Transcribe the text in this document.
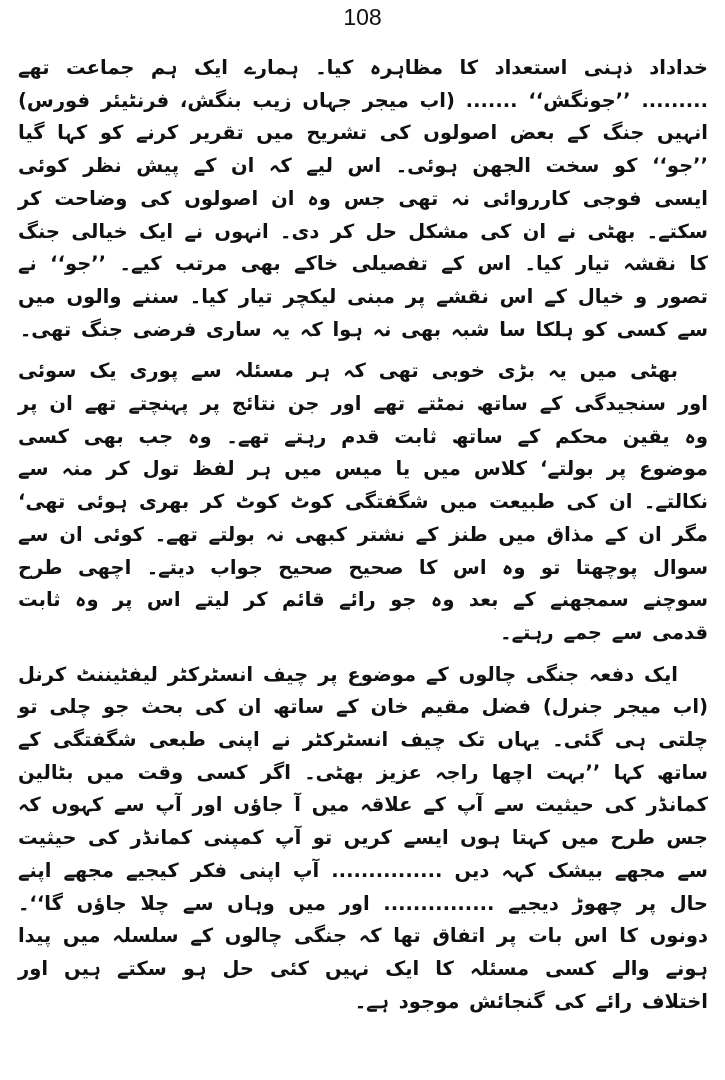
108

خداداد ذہنی استعداد کا مظاہرہ کیا۔ ہمارے ایک ہم جماعت تھے ......... ’’جونگش‘‘ ....... (اب میجر جہاں زیب بنگش، فرنٹیئر فورس) انہیں جنگ کے بعض اصولوں کی تشریح میں تقریر کرنے کو کہا گیا ’’جو‘‘ کو سخت الجھن ہوئی۔ اس لیے کہ ان کے پیش نظر کوئی ایسی فوجی کارروائی نہ تھی جس وہ ان اصولوں کی وضاحت کر سکتے۔ بھٹی نے ان کی مشکل حل کر دی۔ انہوں نے ایک خیالی جنگ کا نقشہ تیار کیا۔ اس کے تفصیلی خاکے بھی مرتب کیے۔ ’’جو‘‘ نے تصور و خیال کے اس نقشے پر مبنی لیکچر تیار کیا۔ سننے والوں میں سے کسی کو ہلکا سا شبہ بھی نہ ہوا کہ یہ ساری فرضی جنگ تھی۔

بھٹی میں یہ بڑی خوبی تھی کہ ہر مسئلہ سے پوری یک سوئی اور سنجیدگی کے ساتھ نمٹتے تھے اور جن نتائج پر پہنچتے تھے ان پر وہ یقین محکم کے ساتھ ثابت قدم رہتے تھے۔ وہ جب بھی کسی موضوع پر بولتے‘ کلاس میں یا میس میں ہر لفظ تول کر منہ سے نکالتے۔ ان کی طبیعت میں شگفتگی کوٹ کوٹ کر بھری ہوئی تھی‘ مگر ان کے مذاق میں طنز کے نشتر کبھی نہ بولتے تھے۔ کوئی ان سے سوال پوچھتا تو وہ اس کا صحیح صحیح جواب دیتے۔ اچھی طرح سوچنے سمجھنے کے بعد وہ جو رائے قائم کر لیتے اس پر وہ ثابت قدمی سے جمے رہتے۔

ایک دفعہ جنگی چالوں کے موضوع پر چیف انسٹرکٹر لیفٹیننٹ کرنل (اب میجر جنرل) فضل مقیم خان کے ساتھ ان کی بحث جو چلی تو چلتی ہی گئی۔ یہاں تک چیف انسٹرکٹر نے اپنی طبعی شگفتگی کے ساتھ کہا ’’بہت اچھا راجہ عزیز بھٹی۔ اگر کسی وقت میں بٹالین کمانڈر کی حیثیت سے آپ کے علاقہ میں آ جاؤں اور آپ سے کہوں کہ جس طرح میں کہتا ہوں ایسے کریں تو آپ کمپنی کمانڈر کی حیثیت سے مجھے بیشک کہہ دیں ............... آپ اپنی فکر کیجیے مجھے اپنے حال پر چھوڑ دیجیے ............... اور میں وہاں سے چلا جاؤں گا‘‘۔ دونوں کا اس بات پر اتفاق تھا کہ جنگی چالوں کے سلسلہ میں پیدا ہونے والے کسی مسئلہ کا ایک نہیں کئی حل ہو سکتے ہیں اور اختلاف رائے کی گنجائش موجود ہے۔
